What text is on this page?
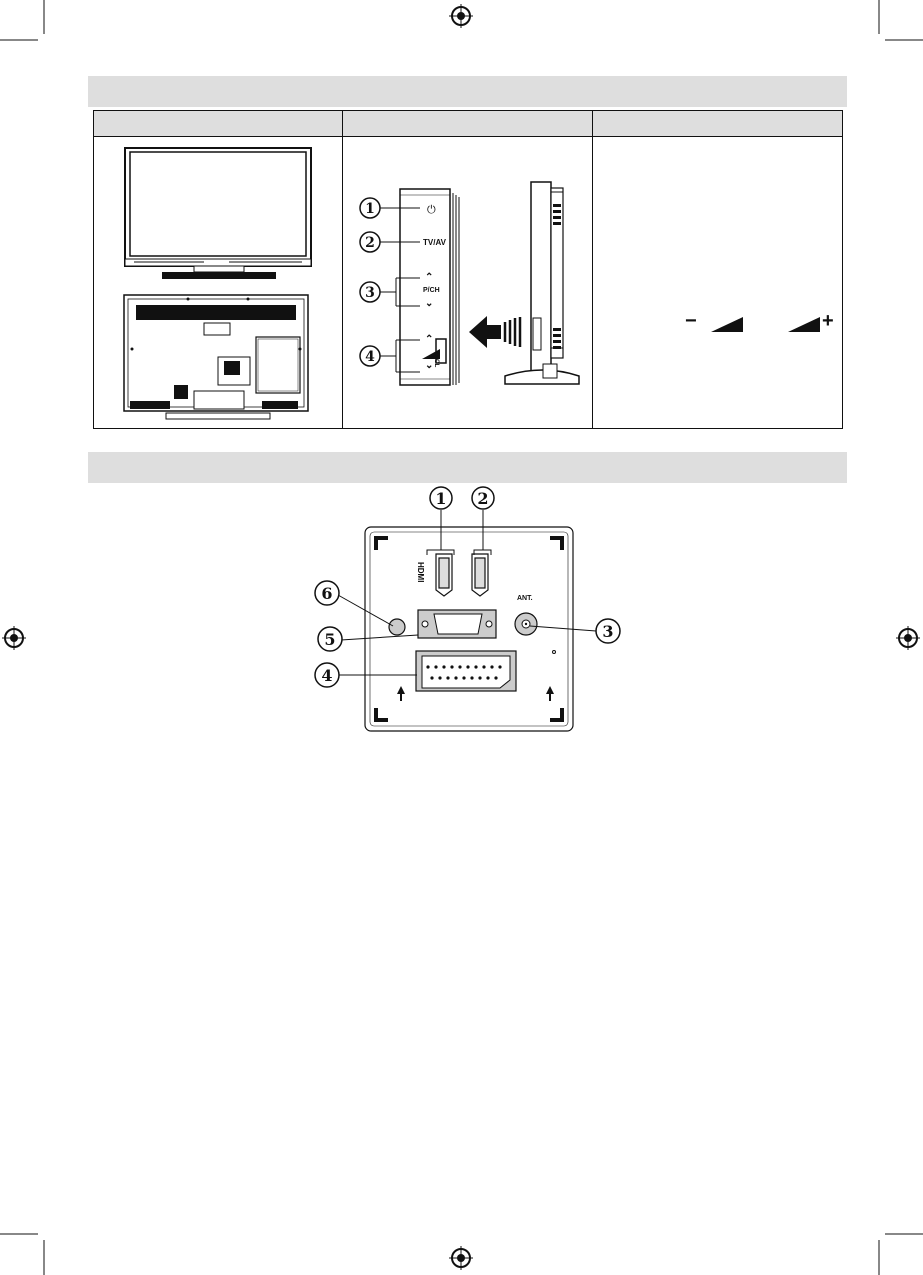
⏻
TV/AV
⌃
P/CH
⌄
⌃
VOL
⌄
1
2
3
4
−	+
HDMI
ANT.
1 2
3
4
5
6
